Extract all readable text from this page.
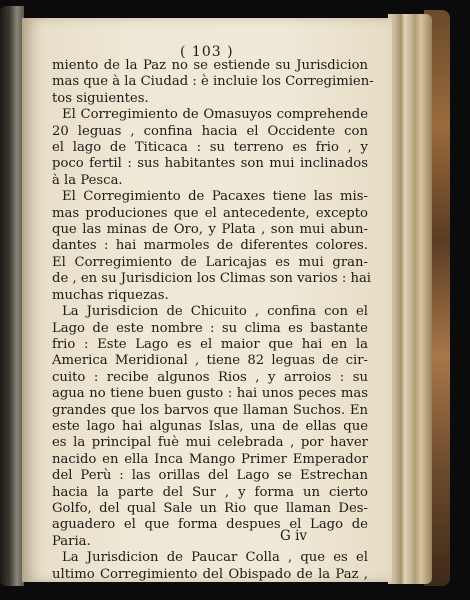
( 103 )
miento de la Paz no se estiende su Jurisdicion
mas que à la Ciudad : è incluie los Corregimien-
tos siguientes.
El Corregimiento de Omasuyos comprehende
20 leguas , confina hacia el Occidente con
el lago de Titicaca : su terreno es frio , y
poco fertil : sus habitantes son mui inclinados
à la Pesca.
El Corregimiento de Pacaxes tiene las mis-
mas produciones que el antecedente, excepto
que las minas de Oro, y Plata , son mui abun-
dantes : hai marmoles de diferentes colores.
El Corregimiento de Laricajas es mui gran-
de , en su Jurisdicion los Climas son varios : hai
muchas riquezas.
La Jurisdicion de Chicuito , confina con el
Lago de este nombre : su clima es bastante
frio : Este Lago es el maior que hai en la
America Meridional , tiene 82 leguas de cir-
cuito : recibe algunos Rios , y arroios : su
agua no tiene buen gusto : hai unos peces mas
grandes que los barvos que llaman Suchos. En
este lago hai algunas Islas, una de ellas que
es la principal fuè mui celebrada , por haver
nacido en ella Inca Mango Primer Emperador
del Perù : las orillas del Lago se Estrechan
hacia la parte del Sur , y forma un cierto
Golfo, del qual Sale un Rio que llaman Des-
aguadero el que forma despues el Lago de
Paria.
La Jurisdicion de Paucar Colla , que es el
ultimo Corregimiento del Obispado de la Paz ,
G iv
